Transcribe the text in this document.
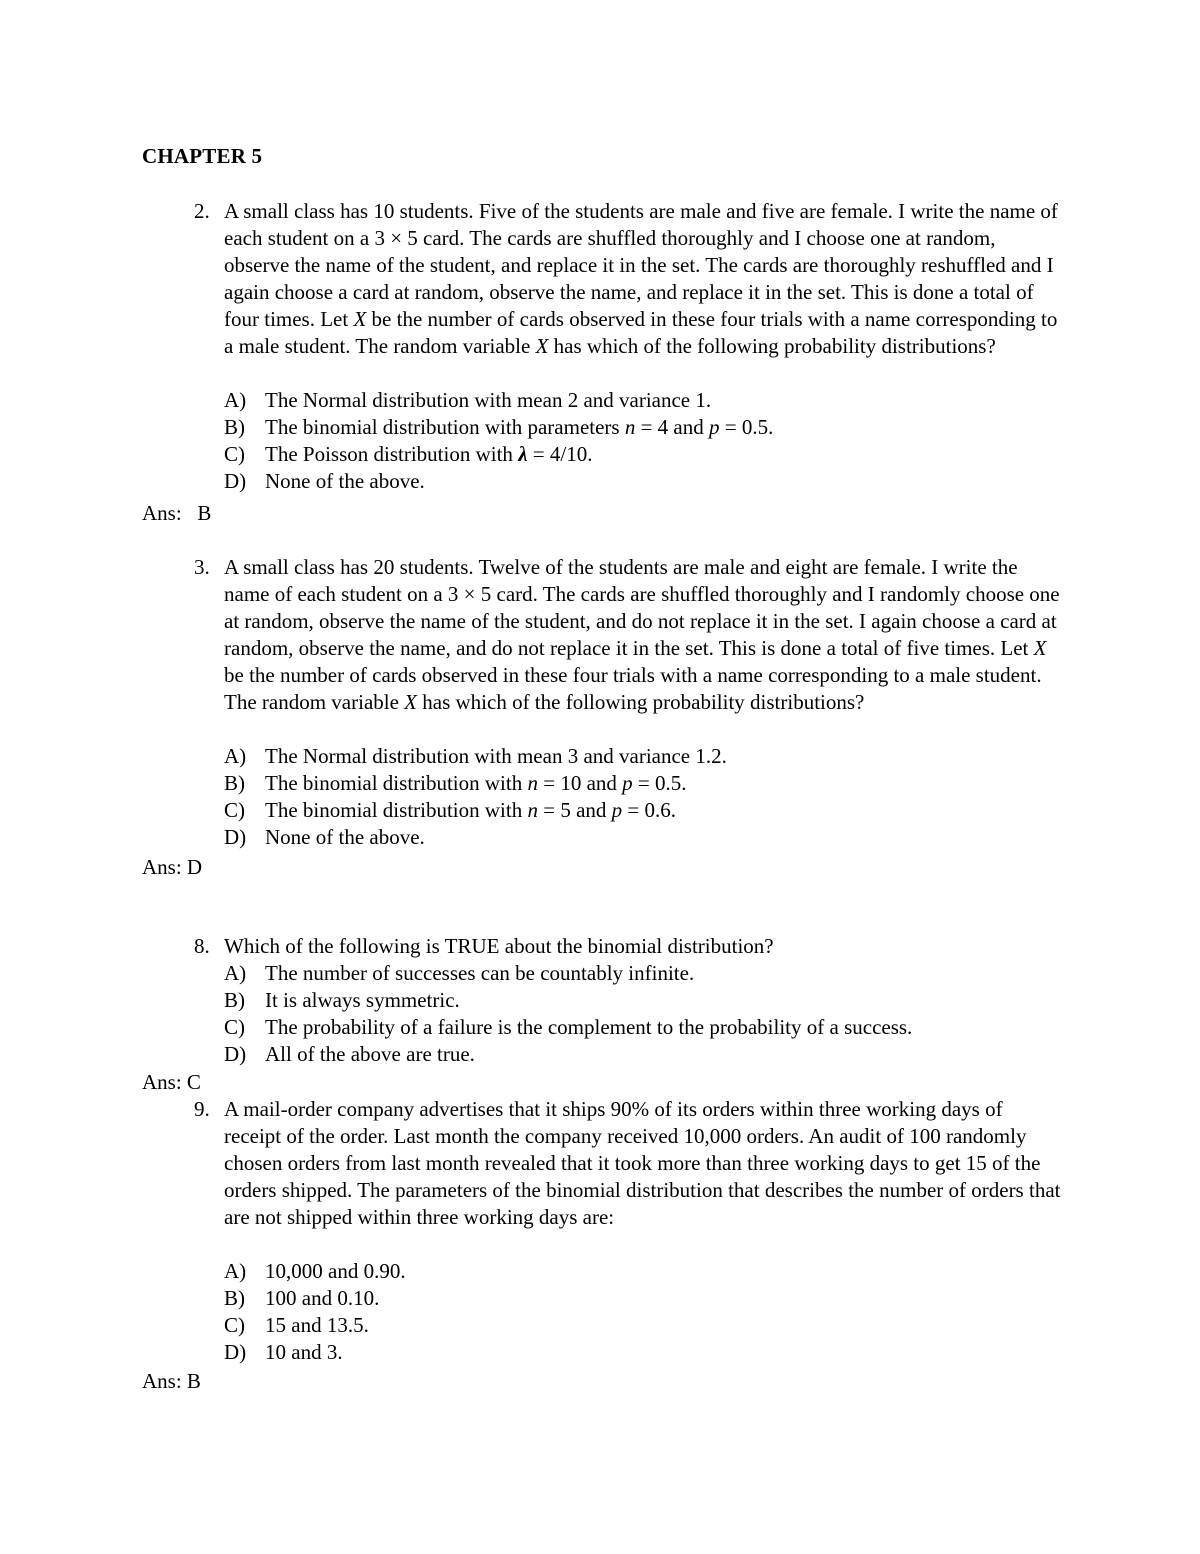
CHAPTER 5
2. A small class has 10 students. Five of the students are male and five are female. I write the name of each student on a 3 × 5 card. The cards are shuffled thoroughly and I choose one at random, observe the name of the student, and replace it in the set. The cards are thoroughly reshuffled and I again choose a card at random, observe the name, and replace it in the set. This is done a total of four times. Let X be the number of cards observed in these four trials with a name corresponding to a male student. The random variable X has which of the following probability distributions?
A) The Normal distribution with mean 2 and variance 1.
B) The binomial distribution with parameters n = 4 and p = 0.5.
C) The Poisson distribution with λ = 4/10.
D) None of the above.
Ans:   B
3. A small class has 20 students. Twelve of the students are male and eight are female. I write the name of each student on a 3 × 5 card. The cards are shuffled thoroughly and I randomly choose one at random, observe the name of the student, and do not replace it in the set. I again choose a card at random, observe the name, and do not replace it in the set. This is done a total of five times. Let X be the number of cards observed in these four trials with a name corresponding to a male student. The random variable X has which of the following probability distributions?
A) The Normal distribution with mean 3 and variance 1.2.
B) The binomial distribution with n = 10 and p = 0.5.
C) The binomial distribution with n = 5 and p = 0.6.
D) None of the above.
Ans: D
8. Which of the following is TRUE about the binomial distribution?
A) The number of successes can be countably infinite.
B) It is always symmetric.
C) The probability of a failure is the complement to the probability of a success.
D) All of the above are true.
Ans: C
9. A mail-order company advertises that it ships 90% of its orders within three working days of receipt of the order. Last month the company received 10,000 orders. An audit of 100 randomly chosen orders from last month revealed that it took more than three working days to get 15 of the orders shipped. The parameters of the binomial distribution that describes the number of orders that are not shipped within three working days are:
A) 10,000 and 0.90.
B) 100 and 0.10.
C) 15 and 13.5.
D) 10 and 3.
Ans: B
